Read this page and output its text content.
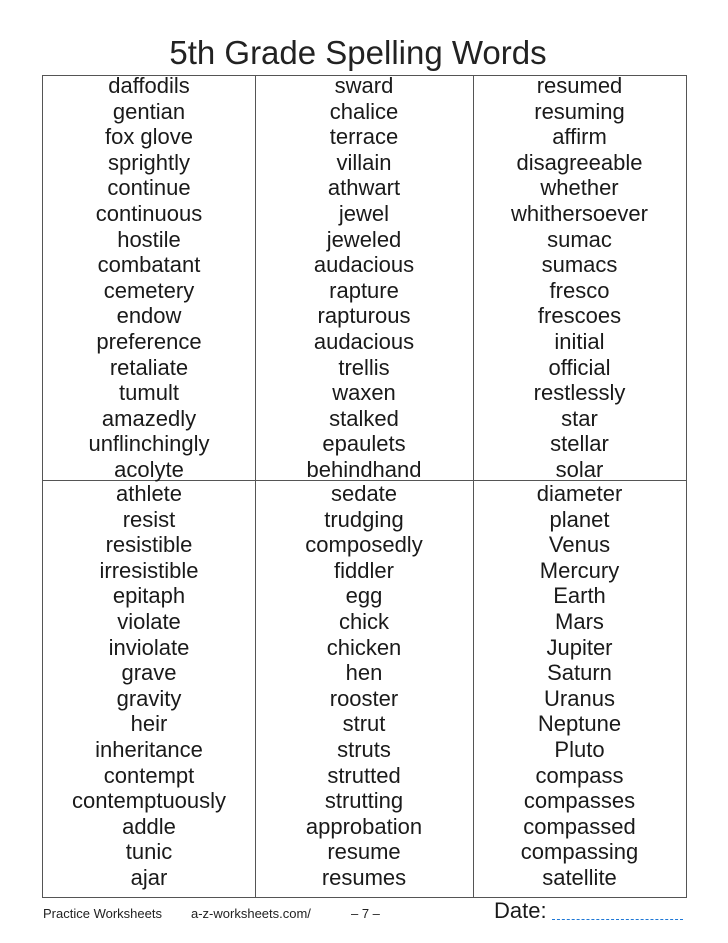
5th Grade Spelling Words
daffodils
gentian
fox glove
sprightly
continue
continuous
hostile
combatant
cemetery
endow
preference
retaliate
tumult
amazedly
unflinchingly
acolyte
athlete
resist
resistible
irresistible
epitaph
violate
inviolate
grave
gravity
heir
inheritance
contempt
contemptuously
addle
tunic
ajar
sward
chalice
terrace
villain
athwart
jewel
jeweled
audacious
rapture
rapturous
audacious
trellis
waxen
stalked
epaulets
behindhand
sedate
trudging
composedly
fiddler
egg
chick
chicken
hen
rooster
strut
struts
strutted
strutting
approbation
resume
resumes
resumed
resuming
affirm
disagreeable
whether
whithersoever
sumac
sumacs
fresco
frescoes
initial
official
restlessly
star
stellar
solar
diameter
planet
Venus
Mercury
Earth
Mars
Jupiter
Saturn
Uranus
Neptune
Pluto
compass
compasses
compassed
compassing
satellite
Practice Worksheets a-z-worksheets.com/	– 7 –	Date:
